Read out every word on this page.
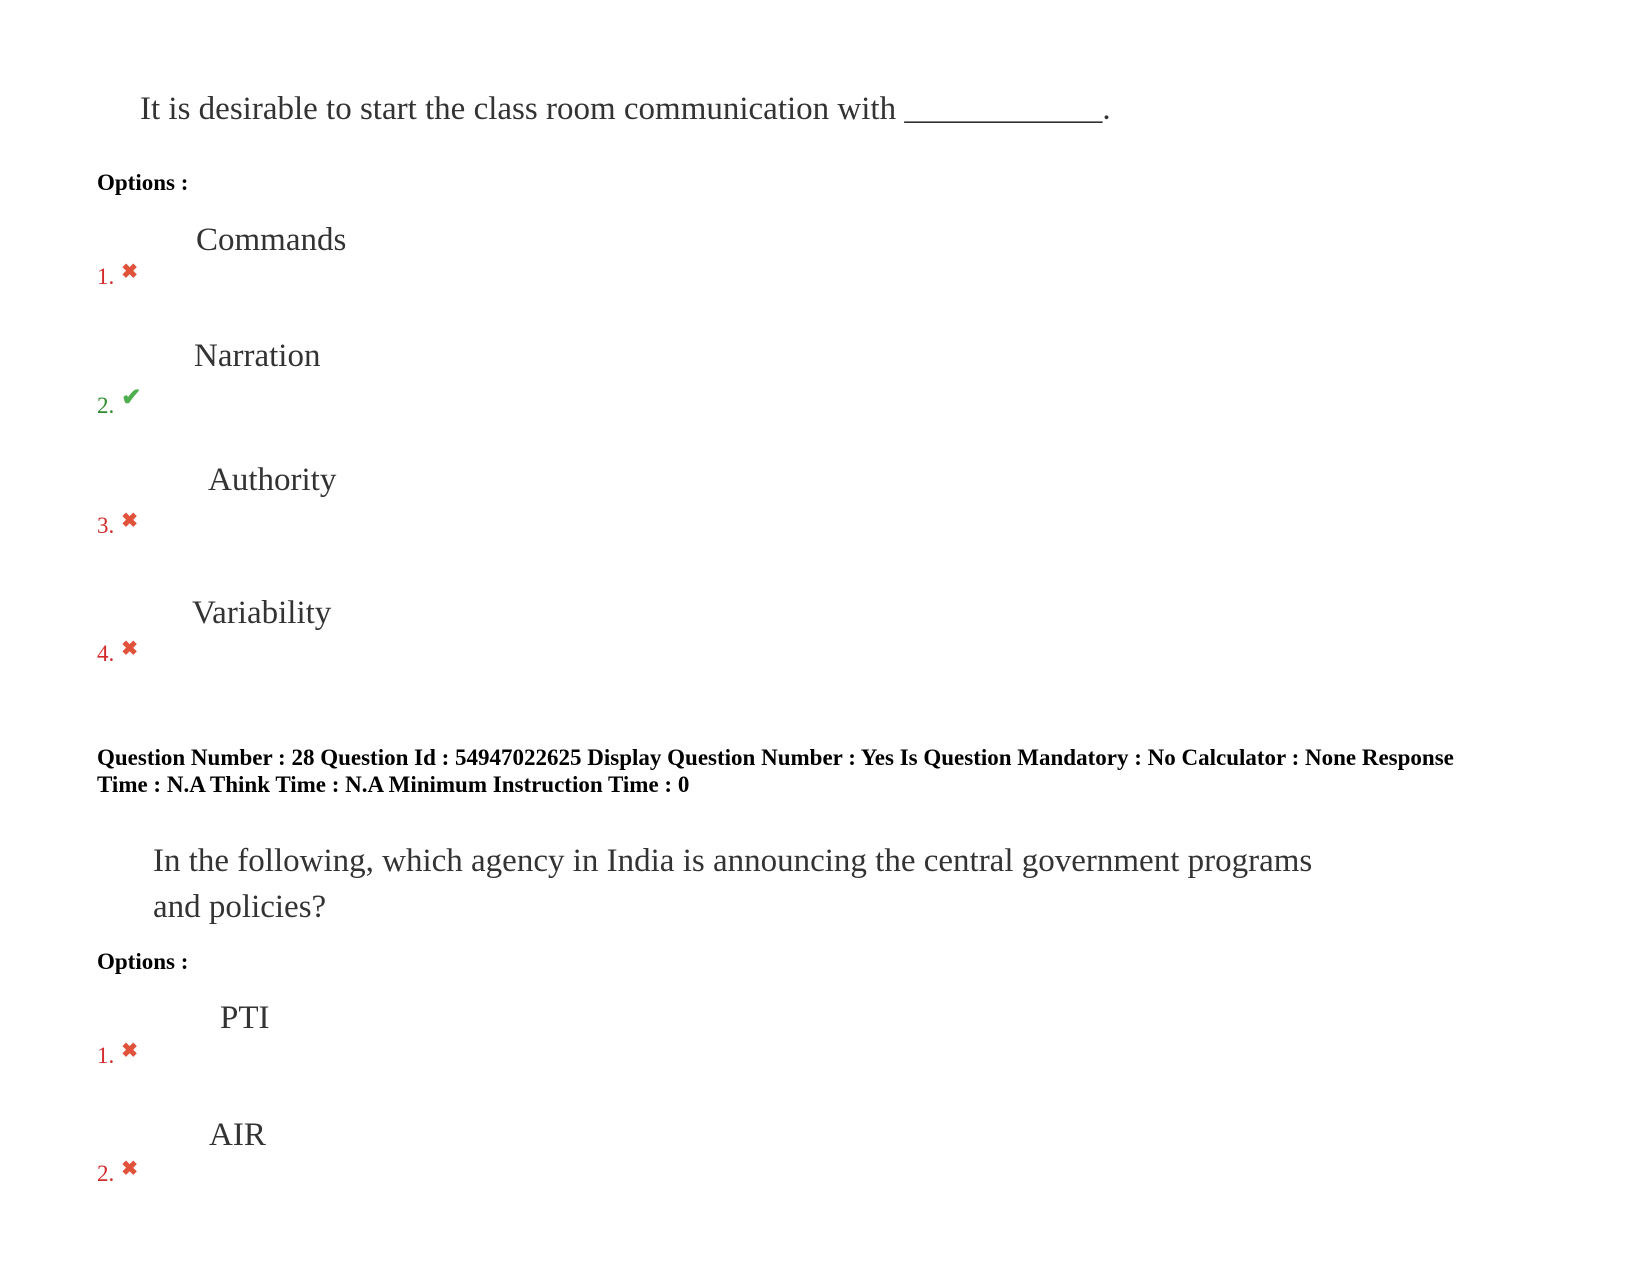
It is desirable to start the class room communication with ____________.
Options :
Commands
1. ✖
Narration
2. ✔
Authority
3. ✖
Variability
4. ✖
Question Number : 28 Question Id : 54947022625 Display Question Number : Yes Is Question Mandatory : No Calculator : None Response
Time : N.A Think Time : N.A Minimum Instruction Time : 0
In the following, which agency in India is announcing the central government programs
and policies?
Options :
PTI
1. ✖
AIR
2. ✖
